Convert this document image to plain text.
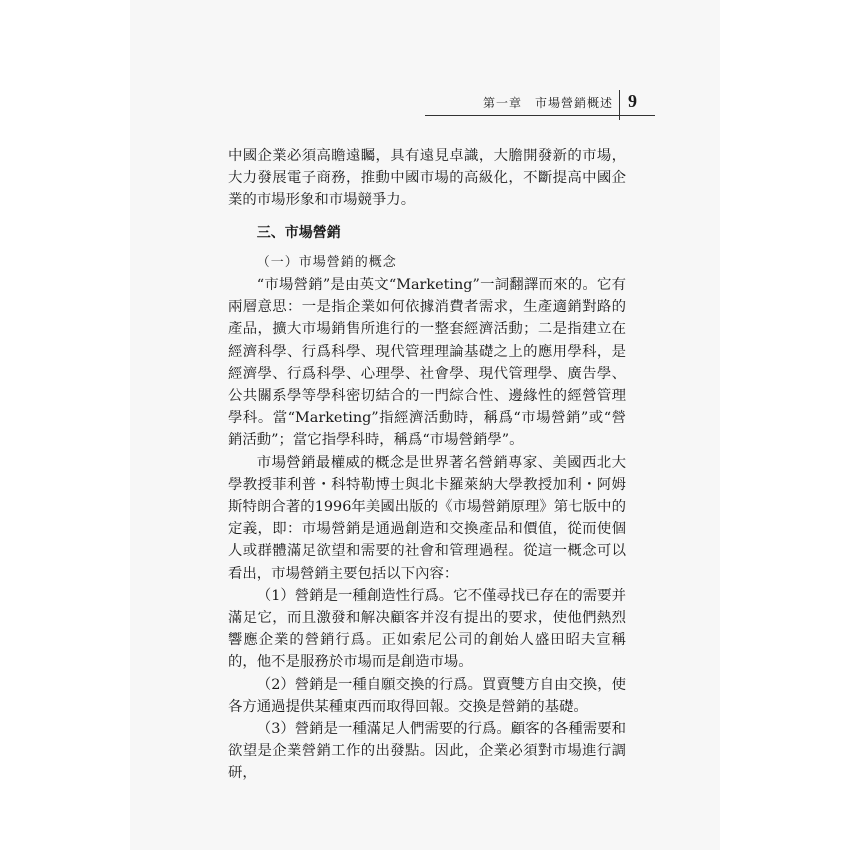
第一章　市場營銷概述 9

中國企業必須高瞻遠矚，具有遠見卓識，大膽開發新的市場，大力發展電子商務，推動中國市場的高級化，不斷提高中國企業的市場形象和市場競爭力。

三、市場營銷

（一）市場營銷的概念

“市場營銷”是由英文“Marketing”一詞翻譯而來的。它有兩層意思：一是指企業如何依據消費者需求，生產適銷對路的產品，擴大市場銷售所進行的一整套經濟活動；二是指建立在經濟科學、行爲科學、現代管理理論基礎之上的應用學科，是經濟學、行爲科學、心理學、社會學、現代管理學、廣告學、公共關系學等學科密切結合的一門綜合性、邊緣性的經營管理學科。當“Marketing”指經濟活動時，稱爲“市場營銷”或“營銷活動”；當它指學科時，稱爲“市場營銷學”。

市場營銷最權威的概念是世界著名營銷專家、美國西北大學教授菲利普・科特勒博士與北卡羅萊納大學教授加利・阿姆斯特朗合著的1996年美國出版的《市場營銷原理》第七版中的定義，即：市場營銷是通過創造和交換產品和價值，從而使個人或群體滿足欲望和需要的社會和管理過程。從這一概念可以看出，市場營銷主要包括以下內容：

（1）營銷是一種創造性行爲。它不僅尋找已存在的需要并滿足它，而且激發和解决顧客并沒有提出的要求，使他們熱烈響應企業的營銷行爲。正如索尼公司的創始人盛田昭夫宣稱的，他不是服務於市場而是創造市場。

（2）營銷是一種自願交換的行爲。買賣雙方自由交換，使各方通過提供某種東西而取得回報。交換是營銷的基礎。

（3）營銷是一種滿足人們需要的行爲。顧客的各種需要和欲望是企業營銷工作的出發點。因此，企業必須對市場進行調研，
